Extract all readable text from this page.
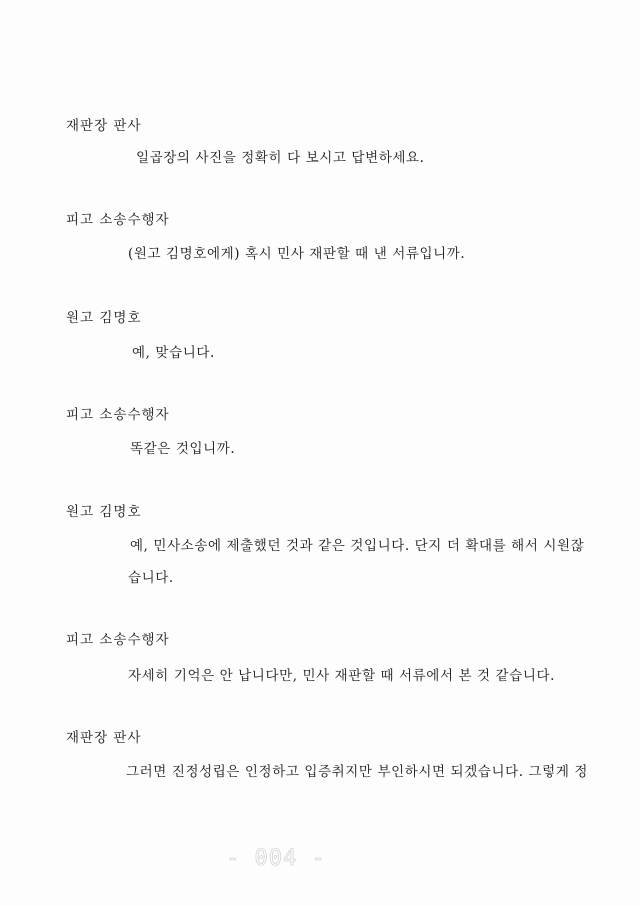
재판장 판사
일곱장의 사진을 정확히 다 보시고 답변하세요.
피고 소송수행자
(원고 김명호에게) 혹시 민사 재판할 때 낸 서류입니까.
원고 김명호
예, 맞습니다.
피고 소송수행자
똑같은 것입니까.
원고 김명호
예, 민사소송에 제출했던 것과 같은 것입니다. 단지 더 확대를 해서 시원잖
습니다.
피고 소송수행자
자세히 기억은 안 납니다만, 민사 재판할 때 서류에서 본 것 같습니다.
재판장 판사
그러면 진정성립은 인정하고 입증취지만 부인하시면 되겠습니다. 그렇게 정
- 004 -
